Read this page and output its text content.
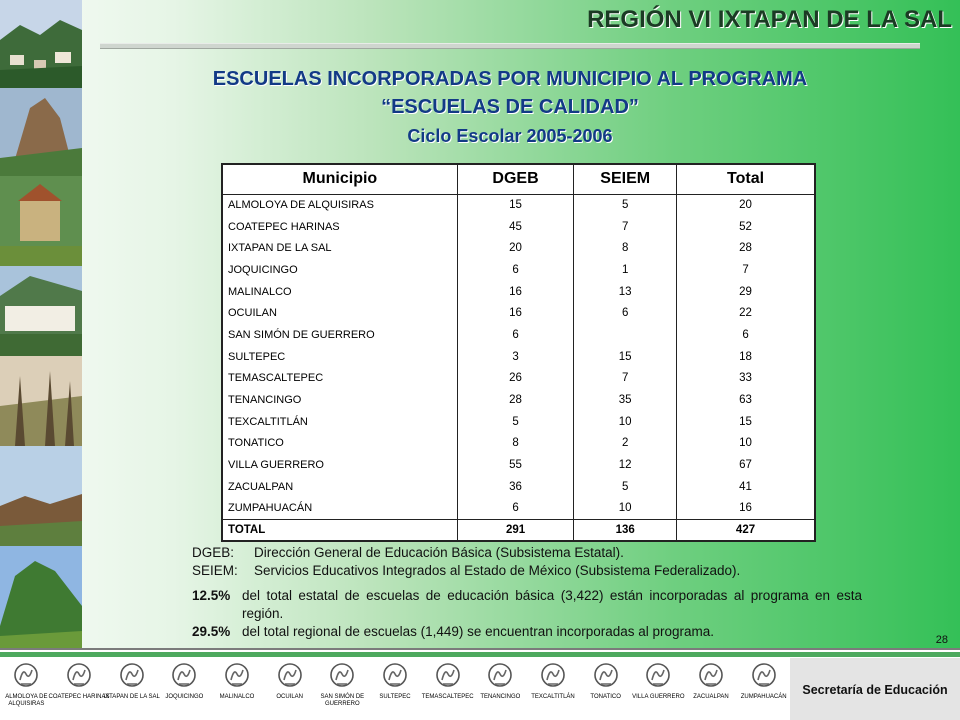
REGIÓN VI IXTAPAN DE LA SAL
ESCUELAS INCORPORADAS POR MUNICIPIO AL PROGRAMA
“ESCUELAS DE CALIDAD”
Ciclo Escolar 2005-2006
Municipio	DGEB	SEIEM	Total
ALMOLOYA DE ALQUISIRAS	15	5	20
COATEPEC HARINAS	45	7	52
IXTAPAN DE LA SAL	20	8	28
JOQUICINGO	6	1	7
MALINALCO	16	13	29
OCUILAN	16	6	22
SAN SIMÓN DE GUERRERO	6		6
SULTEPEC	3	15	18
TEMASCALTEPEC	26	7	33
TENANCINGO	28	35	63
TEXCALTITLÁN	5	10	15
TONATICO	8	2	10
VILLA GUERRERO	55	12	67
ZACUALPAN	36	5	41
ZUMPAHUACÁN	6	10	16
TOTAL	291	136	427
DGEB: Dirección General de Educación Básica (Subsistema Estatal).
SEIEM: Servicios Educativos Integrados al Estado de México (Subsistema Federalizado).
12.5% del total estatal de escuelas de educación básica (3,422) están incorporadas al programa en esta región.
29.5% del total regional de escuelas (1,449) se encuentran incorporadas al programa.
28
ALMOLOYA DE ALQUISIRAS
COATEPEC HARINAS
IXTAPAN DE LA SAL JOQUICINGO	MALINALCO	OCUILAN	SAN SIMÓN DE GUERRERO
SULTEPEC	TEMASCALTEPEC	TENANCINGO	TEXCALTITLÁN	TONATICO	VILLA GUERRERO	ZACUALPAN	ZUMPAHUACÁN	Secretaría de Educación
